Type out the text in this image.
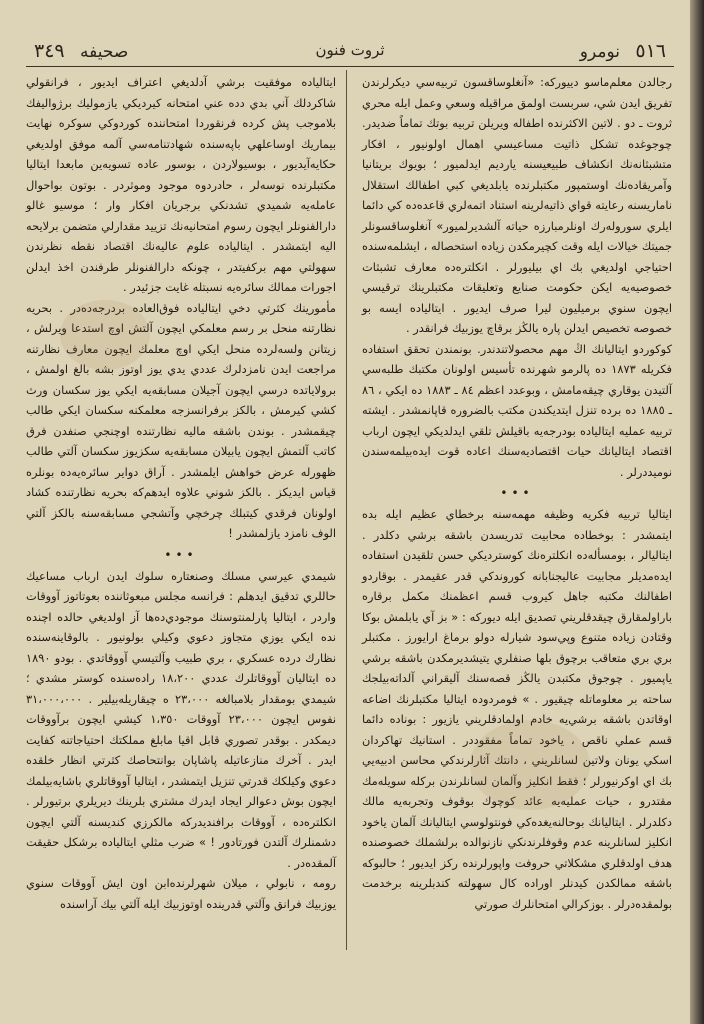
٥١٦ نومرو
ثروت فنون
صحيفه ٣٤٩

رجالدن معلم‌ماسو دييوركه: «آنغلوساقسون تربيه‌سي ديكرلرندن تفريق ايدن شي، سربست اولمق مراقيله وسعي وعمل ايله محري ثروت ـ دو . لاتين الاكثرنده اطفاله ويريلن تربيه بوتك تماماً ضديدر. چوجوغده تشكل ذاتيت مساعيسي اهمال اولونيور ، افكار متشبثانه‌نك انكشاف طبيعيسنه يارديم ايدلميور ؛ بويوك بريتانيا وآمريقاده‌نك اوستمپور مكتبلرنده يابلديغي كبي اطفالك استقلال ناماريسنه رعايته قواي ذاتيه‌لرينه استناد اتمه‌لري قاعده‌ده كي دائما ايلري سوروله‌رك اونلرمبارزه حياته آلشديرلميور» آنغلوساقسونلر جميتك خيالات ايله وقت كچيرمكدن زياده استحصاله ، ايشلمه‌سنده احتياجي اولديغي بك اي بيليورلر . انكلتره‌ده معارف تشبثات خصوصيه‌يه ايكن حكومت صنايع وتعليقات مكتبلرينك ترقيسي ايچون سنوي برميليون ليرا صرف ايديور . ايتاليا‌ده ايسه بو خصوصه تخصيص ايدلن پاره يالڭز برقاچ يوزبيك فرانقدر .

كوكوردو ايتاليانك اڭ مهم محصولاتندندر. بونمندن تحقق استفاده فكريله ١٨٧٣ ده پالرمو شهرنده تأسيس اولونان مكتبك طلبه‌سي آلتيدن يوقاري چيقه‌مامش ، وبوعدد اعظم ٨٤ ـ ١٨٨٣ ده ايكي ، ٨٦ ـ ١٨٨٥ ده برده تنزل ايتديكندن مكتب بالضروره قاپانمشدر . ايشته تربيه عمليه ايتالياده بودرجه‌يه باقيلش تلقي ايدلديكي ايچون ارباب اقتصاد ايتاليانك حيات اقتصاديه‌سنك اعاده قوت ايده‌بيلمه‌سندن نوميددرلر .

•••

ايتاليا تربيه فكريه وظيفه مهمه‌سنه برخطاي عظيم ايله بده ايتمشدر : بوخطاده محابيت تدريسدن باشقه برشي دكلدر . ايتاليالر ، بومسأله‌ده انكلتره‌نك كوستردیكي حسن تلقيدن استفاده ايده‌مديلر مجابيت عاليجنابانه كوروندكي قدر عقيمدر . بوقاردو اطفالنك مكتبه جاهل كيروب قسم اعظمنك مكمل برقاره باراولمقارق چيقدقلريني تصديق ايله ديوركه : « بز آي يابلمش بوكا وقتادن زياده متنوع وپي‌سود شيارله دولو برماغ ارايورز . مكتبلر بري بري متعاقب برچوق بلها صنفلري يتيشديرمكدن باشقه برشي ياپميور . چوجوق مكتبدن يالڭز قصه‌سنك آليقراني آلداته‌بيلجك ساحته بر معلوماتله چيقيور . » فومردوده ايتاليا مكتبلرنك اضاعه اوقاتدن باشقه برشي‌يه خادم اولمادقلريني يازيور : بوناده دائما قسم عملي ناقص ، ياخود تماماً مفقوددر . استانيك تهاكردان اسكي يونان ولاتين لسانلريني ، دانتك آثارلرندكي محاسن ادبيه‌يي بك اي اوكرنيورلر ؛ فقط انكليز وآلمان لسانلرندن بركله سويله‌مك مقتدرو ، حيات عمليه‌يه عائد كوچوك بوقوف وتجربه‌يه مالك دكلدرلر . ايتاليانك بوحالنه‌يغده‌كي فونتولوسي ايتاليانك آلمان ياخود انكليز لسانلرينه عدم وقوفلرندنكي نازنوالده برلشملك خصوصنده هدف اولدقلري مشكلاتي حروفت واپورلرنده ركز ايديور ؛ حالبوكه باشقه ممالكدن كيدنلر اوراده كال سهولته كندبلرينه برخدمت بولمقده‌درلر . بوزكرالي امتحانلرك صورتي

ايتالياده موفقيت برشي آدلديغي اعتراف ايديور ، فرانقولي شاكردلك آني بدي دده عني امتحانه كيرديكي يازموليك برژواليفك بلاموجب پش كرده فرنقوردا امتحاننده كوردوكي سوكره نهايت بيماريك اوساعلهي باپه‌سنده شهادتنامه‌سي آلمه موفق اولديغي حكايه‌آيديور ، بوسيولاردن ، بوسور عاده تسويه‌ين مابعدا ايتاليا مكتبلرنده نوسه‌لر ، حادردوه موجود وموثردر . بوتون بواحوال عامله‌يه شميدي تشدنكي برجريان افكار وار ؛ موسيو غالو دارالفنونلر ايچون رسوم امتحانيه‌نك تزييد مقدارلي متضمن برلايحه اليه ايتمشدر . ايتالياده علوم عاليه‌نك اقتصاد نقطه‌ نظرندن سهولتي مهم بركفيتدر ، چونكه دارالفنونلر طرفندن اخذ ايدلن اجورات ممالك سائره‌يه نسبتله غايت جزئيدر .

مأمورينك كثرتي دخي ايتاليا‌ده فوق‌العاده بردرجه‌ده‌در . بحريه نظارتنه منحل بر رسم معلمكي ايچون آلتش اوچ استدعا ويرلش ، زيتانن ولسه‌لرده منحل ايكي اوچ معلمك ايچون معارف نظارتنه مراجعت ايدن نامزدلرك عددي يدي يوز اوتوز بشه بالغ اولمش ، برولاياتده درسي ايچون آجيلان مسابقه‌يه ايكي يوز سكسان ورث كشي كيرمش ، بالكز برفرانسزجه معلمكنه سكسان ايكي طالب چيقمشدر . بوندن باشقه ماليه نظارتنده اوچنجي صنفدن فرق كاتب آلتمش ايچون يابيلان مسابقه‌يه سكزيوز سكسان آلتي طالب ظهورله عرض خواهش ايلمشدر . آراق دواير سائره‌يه‌ده بونلره قياس ايديكز . بالكز شوني علاوه ايدهم‌كه بحريه نظارتنده كشاد اولونان فرقدي كيتبلك چرخچي وآتشجي مسابقه‌سنه بالكز آلتي الوف نامزد يازلمشدر !

•••

شيمدي عيرسي مسلك وصنعتاره سلوك ايدن ارباب مساعيك حاللري تدقيق ايدهلم : فرانسه مجلس مبعوثاننده بعوتاتوز آووقات واردر ، ايتاليا پارلمنتوسنك موجودي‌ده‌ها آز اولديغي حالده اچنده نده ايكي يوزي متجاوز دعوي وكيلي بولونيور . بالوقاينه‌سنده نظارك درده عسكري ، بري طبيب وآلتيسي آووقاتدي . بودو ١٨٩٠ ده ايتاليان آووقاتلرك عددي ١٨،٢٠٠ راده‌سنده كوستر مشدي ؛ شيمدي بومقدار بلامبالغه ٢٣،٠٠٠ ه چيقاريله‌بيلير . ٣١،٠٠٠،٠٠٠ نفوس ايچون ٢٣،٠٠٠ آووقات ١،٣٥٠ كيشي ايچون برآووقات ديمكدر . بوقدر تصوري قابل اقيا مابلغ مملكتك احتياجاتنه كفايت ايدر . آخرك منازعاتيله پاشاپان بوانتحاصك كثرتي انظار خلقده دعوي وكيلكك قدرتي تنزيل ايتمشدر ، ايتاليا آووقاتلري باشايه‌بيلمك ايچون بوش دعوالر ايجاد ايدرك مشتري بلرينك ديريلري برتيورلر . انكلتره‌ده ، آووقات برافنديدركه مالكرزي كنديسنه آلتي ايچون دشمنلرك آلتدن فورتادور ! » ضرب مثلي ايتالياده برشكل حقيقت آلمقده‌در .

رومه ، نابولي ، ميلان شهرلرنده‌ابن اون ايش آووقات سنوي يوزبيك فرانق وآلتي قدرينده اوتوزبيك ايله آلتي بيك آراسنده
